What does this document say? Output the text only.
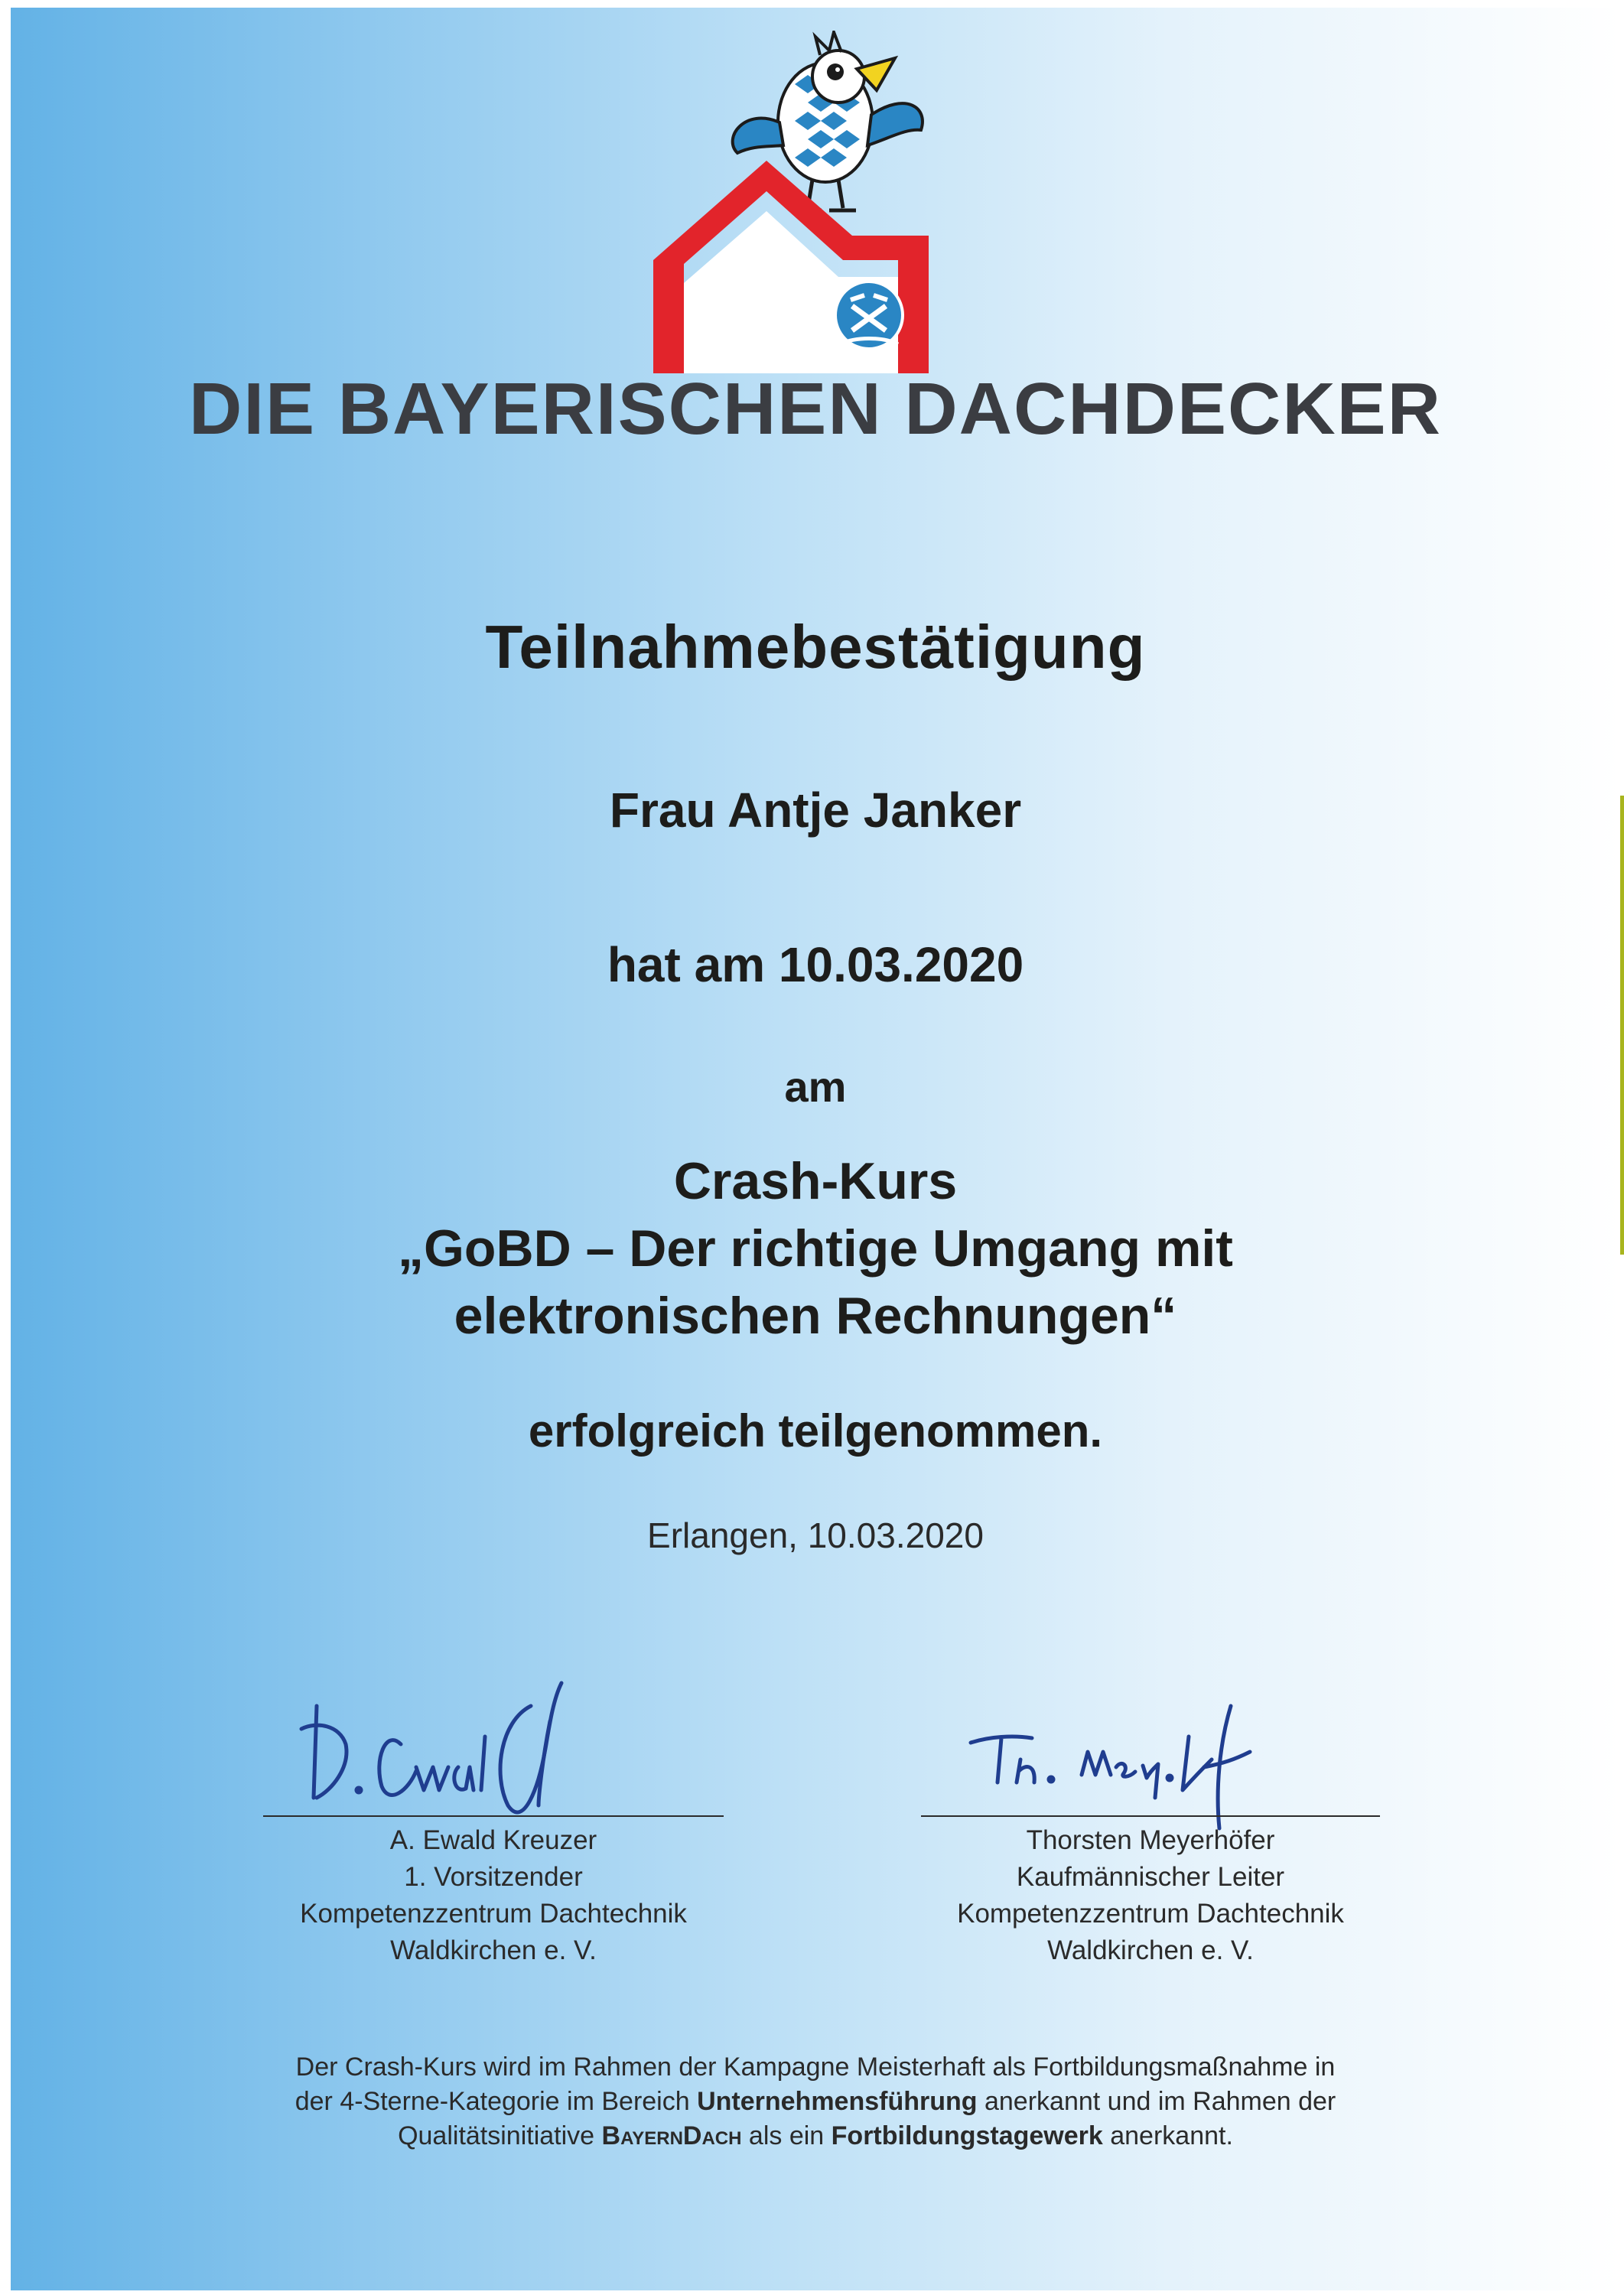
DIE BAYERISCHEN DACHDECKER
Teilnahmebestätigung
Frau Antje Janker
hat am 10.03.2020
am
Crash-Kurs
„GoBD – Der richtige Umgang mit
elektronischen Rechnungen“
erfolgreich teilgenommen.
Erlangen, 10.03.2020
A. Ewald Kreuzer
1. Vorsitzender
Kompetenzzentrum Dachtechnik
Waldkirchen e. V.
Thorsten Meyerhöfer
Kaufmännischer Leiter
Kompetenzzentrum Dachtechnik
Waldkirchen e. V.
Der Crash-Kurs wird im Rahmen der Kampagne Meisterhaft als Fortbildungsmaßnahme in
der 4-Sterne-Kategorie im Bereich Unternehmensführung anerkannt und im Rahmen der
Qualitätsinitiative BayernDach als ein Fortbildungstagewerk anerkannt.
